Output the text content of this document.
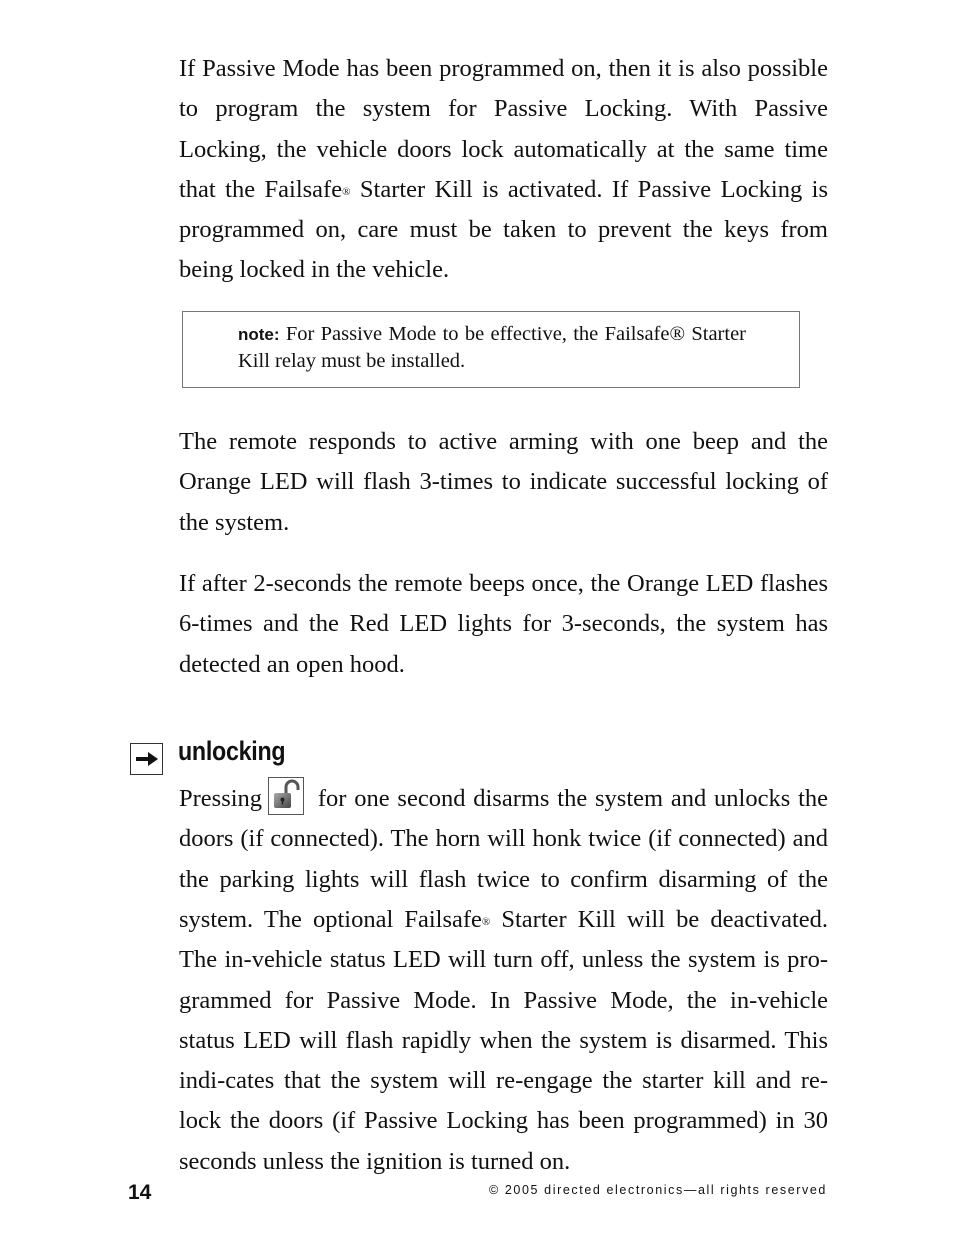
If Passive Mode has been programmed on, then it is also possible to program the system for Passive Locking. With Passive Locking, the vehicle doors lock automatically at the same time that the Failsafe® Starter Kill is activated. If Passive Locking is programmed on, care must be taken to prevent the keys from being locked in the vehicle.

note: For Passive Mode to be effective, the Failsafe® Starter Kill relay must be installed.

The remote responds to active arming with one beep and the Orange LED will flash 3-times to indicate successful locking of the system.

If after 2-seconds the remote beeps once, the Orange LED flashes 6-times and the Red LED lights for 3-seconds, the system has detected an open hood.

unlocking

Pressing for one second disarms the system and unlocks the doors (if connected). The horn will honk twice (if connected) and the parking lights will flash twice to confirm disarming of the system. The optional Failsafe® Starter Kill will be deactivated. The in-vehicle status LED will turn off, unless the system is pro-grammed for Passive Mode. In Passive Mode, the in-vehicle status LED will flash rapidly when the system is disarmed. This indi-cates that the system will re-engage the starter kill and re-lock the doors (if Passive Locking has been programmed) in 30 seconds unless the ignition is turned on.

14	© 2005 directed electronics—all rights reserved
